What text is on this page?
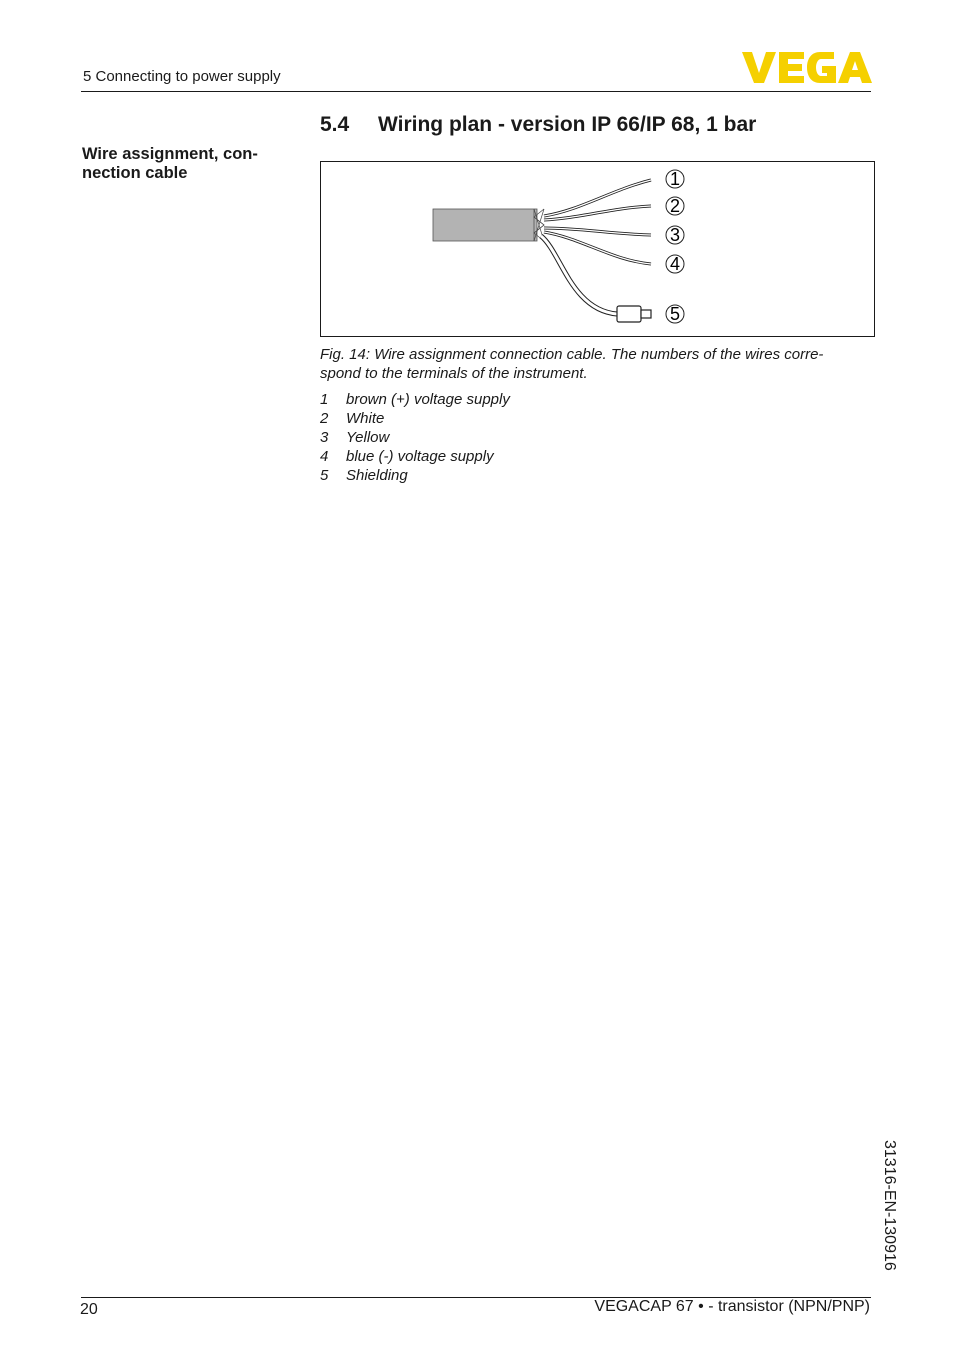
5 Connecting to power supply
Wire assignment, con-
nection cable
5.4 Wiring plan - version IP 66/IP 68, 1 bar
1
2
3
4
5
Fig. 14: Wire assignment connection cable. The numbers of the wires corre-
spond to the terminals of the instrument.
1 brown (+) voltage supply
2 White
3 Yellow
4 blue (-) voltage supply
5 Shielding
31316-EN-130916
20	VEGACAP 67 • - transistor (NPN/PNP)
